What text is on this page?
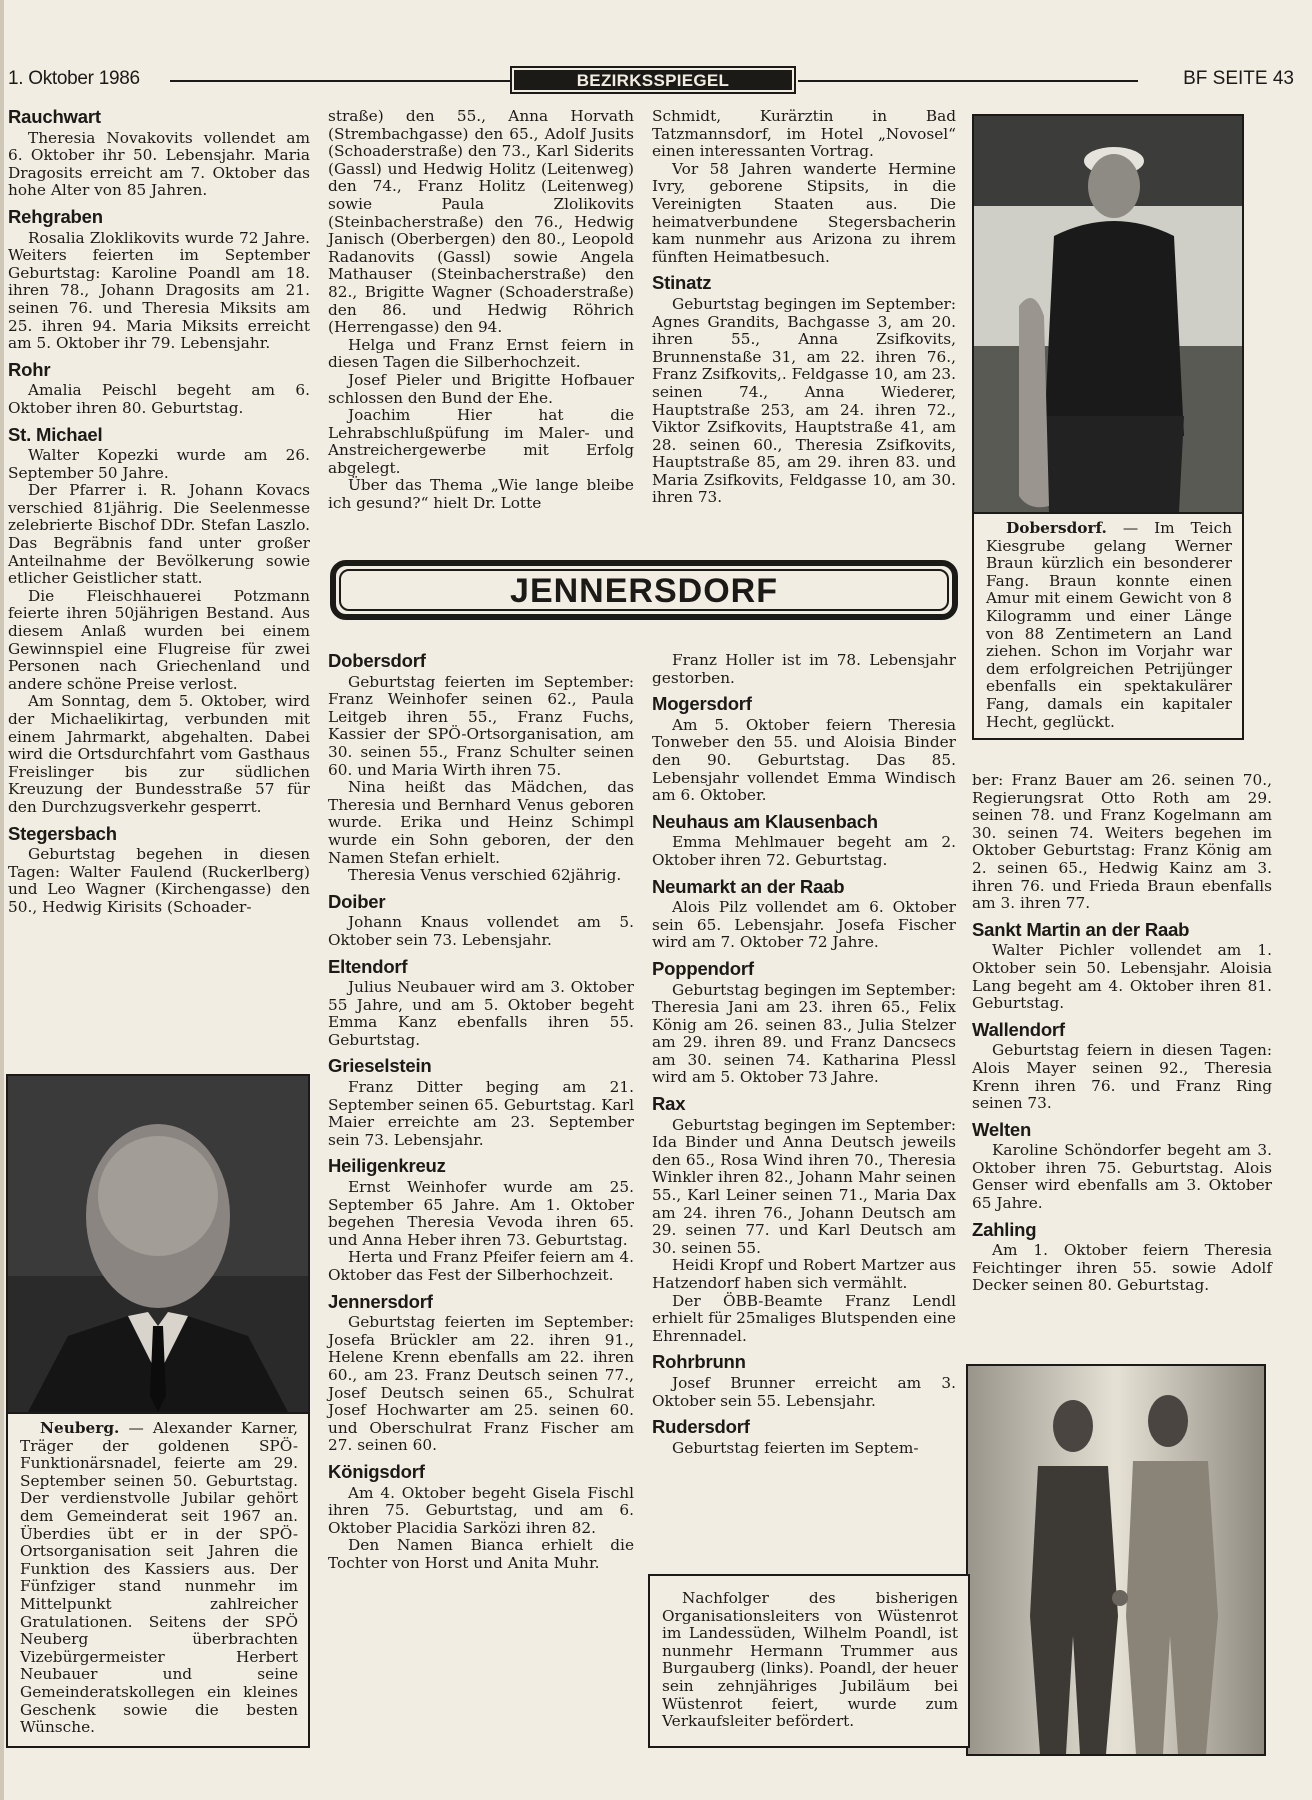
1. Oktober 1986	BEZIRKSSPIEGEL	BF SEITE 43
Rauchwart

Theresia Novakovits vollendet am 6. Oktober ihr 50. Lebensjahr. Maria Dragosits erreicht am 7. Oktober das hohe Alter von 85 Jahren.

Rehgraben

Rosalia Zloklikovits wurde 72 Jahre. Weiters feierten im September Geburtstag: Karoline Poandl am 18. ihren 78., Johann Dragosits am 21. seinen 76. und Theresia Miksits am 25. ihren 94. Maria Miksits erreicht am 5. Oktober ihr 79. Lebensjahr.

Rohr

Amalia Peischl begeht am 6. Oktober ihren 80. Geburtstag.

St. Michael

Walter Kopezki wurde am 26. September 50 Jahre.

Der Pfarrer i. R. Johann Kovacs verschied 81jährig. Die Seelenmesse zelebrierte Bischof DDr. Stefan Laszlo. Das Begräbnis fand unter großer Anteilnahme der Bevölkerung sowie etlicher Geistlicher statt.

Die Fleischhauerei Potzmann feierte ihren 50jährigen Bestand. Aus diesem Anlaß wurden bei einem Gewinnspiel eine Flugreise für zwei Personen nach Griechenland und andere schöne Preise verlost.

Am Sonntag, dem 5. Oktober, wird der Michaelikirtag, verbunden mit einem Jahrmarkt, abgehalten. Dabei wird die Ortsdurchfahrt vom Gasthaus Freislinger bis zur südlichen Kreuzung der Bundesstraße 57 für den Durchzugsverkehr gesperrt.

Stegersbach

Geburtstag begehen in diesen Tagen: Walter Faulend (Ruckerlberg) und Leo Wagner (Kirchengasse) den 50., Hedwig Kirisits (Schoader-

Neuberg. — Alexander Karner, Träger der goldenen SPÖ-Funktionärsnadel, feierte am 29. September seinen 50. Geburtstag. Der verdienstvolle Jubilar gehört dem Gemeinderat seit 1967 an. Überdies übt er in der SPÖ-Ortsorganisation seit Jahren die Funktion des Kassiers aus. Der Fünfziger stand nunmehr im Mittelpunkt zahlreicher Gratulationen. Seitens der SPÖ Neuberg überbrachten Vizebürgermeister Herbert Neubauer und seine Gemeinderatskollegen ein kleines Geschenk sowie die besten Wünsche.

straße) den 55., Anna Horvath (Strembachgasse) den 65., Adolf Jusits (Schoaderstraße) den 73., Karl Siderits (Gassl) und Hedwig Holitz (Leitenweg) den 74., Franz Holitz (Leitenweg) sowie Paula Zlolikovits (Steinbacherstraße) den 76., Hedwig Janisch (Oberbergen) den 80., Leopold Radanovits (Gassl) sowie Angela Mathauser (Steinbacherstraße) den 82., Brigitte Wagner (Schoaderstraße) den 86. und Hedwig Röhrich (Herrengasse) den 94.

Helga und Franz Ernst feiern in diesen Tagen die Silberhochzeit.

Josef Pieler und Brigitte Hofbauer schlossen den Bund der Ehe.

Joachim Hier hat die Lehrabschlußpüfung im Maler- und Anstreichergewerbe mit Erfolg abgelegt.

Über das Thema „Wie lange bleibe ich gesund?“ hielt Dr. Lotte

Schmidt, Kurärztin in Bad Tatzmannsdorf, im Hotel „Novosel“ einen interessanten Vortrag.

Vor 58 Jahren wanderte Hermine Ivry, geborene Stipsits, in die Vereinigten Staaten aus. Die heimatverbundene Stegersbacherin kam nunmehr aus Arizona zu ihrem fünften Heimatbesuch.

Stinatz

Geburtstag begingen im September: Agnes Grandits, Bachgasse 3, am 20. ihren 55., Anna Zsifkovits, Brunnenstaße 31, am 22. ihren 76., Franz Zsifkovits,. Feldgasse 10, am 23. seinen 74., Anna Wiederer, Hauptstraße 253, am 24. ihren 72., Viktor Zsifkovits, Hauptstraße 41, am 28. seinen 60., Theresia Zsifkovits, Hauptstraße 85, am 29. ihren 83. und Maria Zsifkovits, Feldgasse 10, am 30. ihren 73.

Dobersdorf. — Im Teich Kiesgrube gelang Werner Braun kürzlich ein besonderer Fang. Braun konnte einen Amur mit einem Gewicht von 8 Kilogramm und einer Länge von 88 Zentimetern an Land ziehen. Schon im Vorjahr war dem erfolgreichen Petrijünger ebenfalls ein spektakulärer Fang, damals ein kapitaler Hecht, geglückt.

JENNERSDORF
Dobersdorf

Geburtstag feierten im September: Franz Weinhofer seinen 62., Paula Leitgeb ihren 55., Franz Fuchs, Kassier der SPÖ-Ortsorganisation, am 30. seinen 55., Franz Schulter seinen 60. und Maria Wirth ihren 75.

Nina heißt das Mädchen, das Theresia und Bernhard Venus geboren wurde. Erika und Heinz Schimpl wurde ein Sohn geboren, der den Namen Stefan erhielt.

Theresia Venus verschied 62jährig.

Doiber

Johann Knaus vollendet am 5. Oktober sein 73. Lebensjahr.

Eltendorf

Julius Neubauer wird am 3. Oktober 55 Jahre, und am 5. Oktober begeht Emma Kanz ebenfalls ihren 55. Geburtstag.

Grieselstein

Franz Ditter beging am 21. September seinen 65. Geburtstag. Karl Maier erreichte am 23. September sein 73. Lebensjahr.

Heiligenkreuz

Ernst Weinhofer wurde am 25. September 65 Jahre. Am 1. Oktober begehen Theresia Vevoda ihren 65. und Anna Heber ihren 73. Geburtstag.

Herta und Franz Pfeifer feiern am 4. Oktober das Fest der Silberhochzeit.

Jennersdorf

Geburtstag feierten im September: Josefa Brückler am 22. ihren 91., Helene Krenn ebenfalls am 22. ihren 60., am 23. Franz Deutsch seinen 77., Josef Deutsch seinen 65., Schulrat Josef Hochwarter am 25. seinen 60. und Oberschulrat Franz Fischer am 27. seinen 60.

Königsdorf

Am 4. Oktober begeht Gisela Fischl ihren 75. Geburtstag, und am 6. Oktober Placidia Sarközi ihren 82.

Den Namen Bianca erhielt die Tochter von Horst und Anita Muhr.

Franz Holler ist im 78. Lebensjahr gestorben.

Mogersdorf

Am 5. Oktober feiern Theresia Tonweber den 55. und Aloisia Binder den 90. Geburtstag. Das 85. Lebensjahr vollendet Emma Windisch am 6. Oktober.

Neuhaus am Klausenbach

Emma Mehlmauer begeht am 2. Oktober ihren 72. Geburtstag.

Neumarkt an der Raab

Alois Pilz vollendet am 6. Oktober sein 65. Lebensjahr. Josefa Fischer wird am 7. Oktober 72 Jahre.

Poppendorf

Geburtstag begingen im September: Theresia Jani am 23. ihren 65., Felix König am 26. seinen 83., Julia Stelzer am 29. ihren 89. und Franz Dancsecs am 30. seinen 74. Katharina Plessl wird am 5. Oktober 73 Jahre.

Rax

Geburtstag begingen im September: Ida Binder und Anna Deutsch jeweils den 65., Rosa Wind ihren 70., Theresia Winkler ihren 82., Johann Mahr seinen 55., Karl Leiner seinen 71., Maria Dax am 24. ihren 76., Johann Deutsch am 29. seinen 77. und Karl Deutsch am 30. seinen 55.

Heidi Kropf und Robert Martzer aus Hatzendorf haben sich vermählt.

Der ÖBB-Beamte Franz Lendl erhielt für 25maliges Blutspenden eine Ehrennadel.

Rohrbrunn

Josef Brunner erreicht am 3. Oktober sein 55. Lebensjahr.

Rudersdorf

Geburtstag feierten im Septem-

ber: Franz Bauer am 26. seinen 70., Regierungsrat Otto Roth am 29. seinen 78. und Franz Kogelmann am 30. seinen 74. Weiters begehen im Oktober Geburtstag: Franz König am 2. seinen 65., Hedwig Kainz am 3. ihren 76. und Frieda Braun ebenfalls am 3. ihren 77.

Sankt Martin an der Raab

Walter Pichler vollendet am 1. Oktober sein 50. Lebensjahr. Aloisia Lang begeht am 4. Oktober ihren 81. Geburtstag.

Wallendorf

Geburtstag feiern in diesen Tagen: Alois Mayer seinen 92., Theresia Krenn ihren 76. und Franz Ring seinen 73.

Welten

Karoline Schöndorfer begeht am 3. Oktober ihren 75. Geburtstag. Alois Genser wird ebenfalls am 3. Oktober 65 Jahre.

Zahling

Am 1. Oktober feiern Theresia Feichtinger ihren 55. sowie Adolf Decker seinen 80. Geburtstag.

Nachfolger des bisherigen Organisationsleiters von Wüstenrot im Landessüden, Wilhelm Poandl, ist nunmehr Hermann Trummer aus Burgauberg (links). Poandl, der heuer sein zehnjähriges Jubiläum bei Wüstenrot feiert, wurde zum Verkaufsleiter befördert.
